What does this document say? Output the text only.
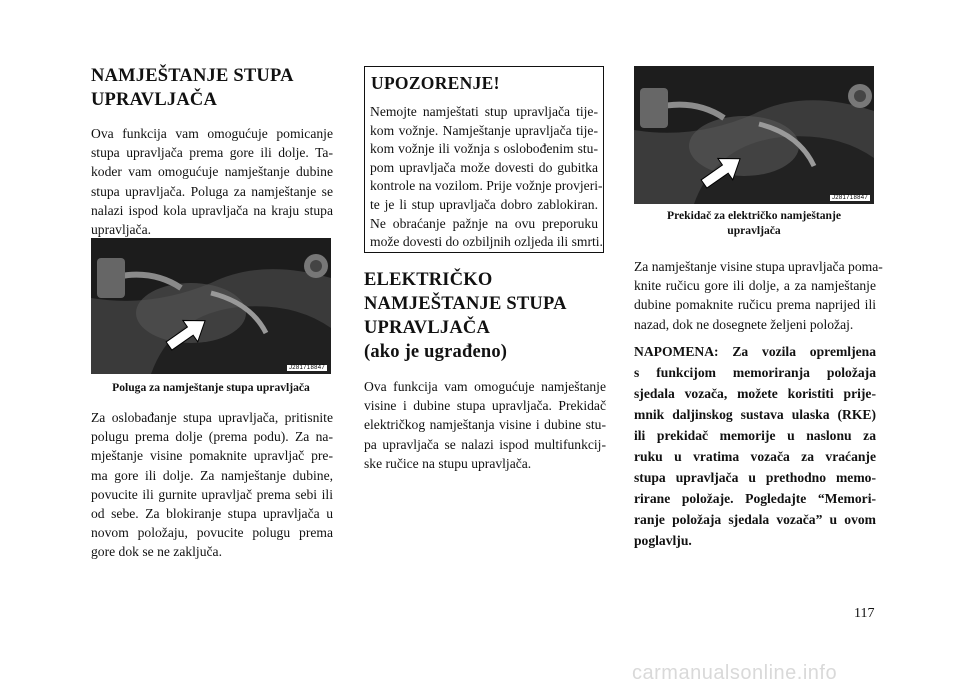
NAMJEŠTANJE STUPA
UPRAVLJAČA

Ova funkcija vam omogućuje pomicanje
stupa upravljača prema gore ili dolje. Ta-
koder vam omogućuje namještanje dubine
stupa upravljača. Poluga za namještanje se
nalazi ispod kola upravljača na kraju stupa
upravljača.

J281718847

Poluga za namještanje stupa upravljača

Za oslobađanje stupa upravljača, pritisnite
polugu prema dolje (prema podu). Za na-
mještanje visine pomaknite upravljač pre-
ma gore ili dolje. Za namještanje dubine,
povucite ili gurnite upravljač prema sebi ili
od sebe. Za blokiranje stupa upravljača u
novom položaju, povucite polugu prema
gore dok se ne zaključa.

UPOZORENJE!

Nemojte namještati stup upravljača tije-
kom vožnje. Namještanje upravljača tije-
kom vožnje ili vožnja s oslobođenim stu-
pom upravljača može dovesti do gubitka
kontrole na vozilom. Prije vožnje provjeri-
te je li stup upravljača dobro zablokiran.
Ne obraćanje pažnje na ovu preporuku
može dovesti do ozbiljnih ozljeda ili smrti.

ELEKTRIČKO
NAMJEŠTANJE STUPA
UPRAVLJAČA
(ako je ugrađeno)

Ova funkcija vam omogućuje namještanje
visine i dubine stupa upravljača. Prekidač
električkog namještanja visine i dubine stu-
pa upravljača se nalazi ispod multifunkcij-
ske ručice na stupu upravljača.

J281718847

Prekidač za električko namještanje
upravljača

Za namještanje visine stupa upravljača poma-
knite ručicu gore ili dolje, a za namještanje
dubine pomaknite ručicu prema naprijed ili
nazad, dok ne dosegnete željeni položaj.

NAPOMENA: Za vozila opremljena
s funkcijom memoriranja položaja
sjedala vozača, možete koristiti prije-
mnik daljinskog sustava ulaska (RKE)
ili prekidač memorije u naslonu za
ruku u vratima vozača za vraćanje
stupa upravljača u prethodno memo-
rirane položaje. Pogledajte “Memori-
ranje položaja sjedala vozača” u ovom
poglavlju.

117
carmanualsonline.info
